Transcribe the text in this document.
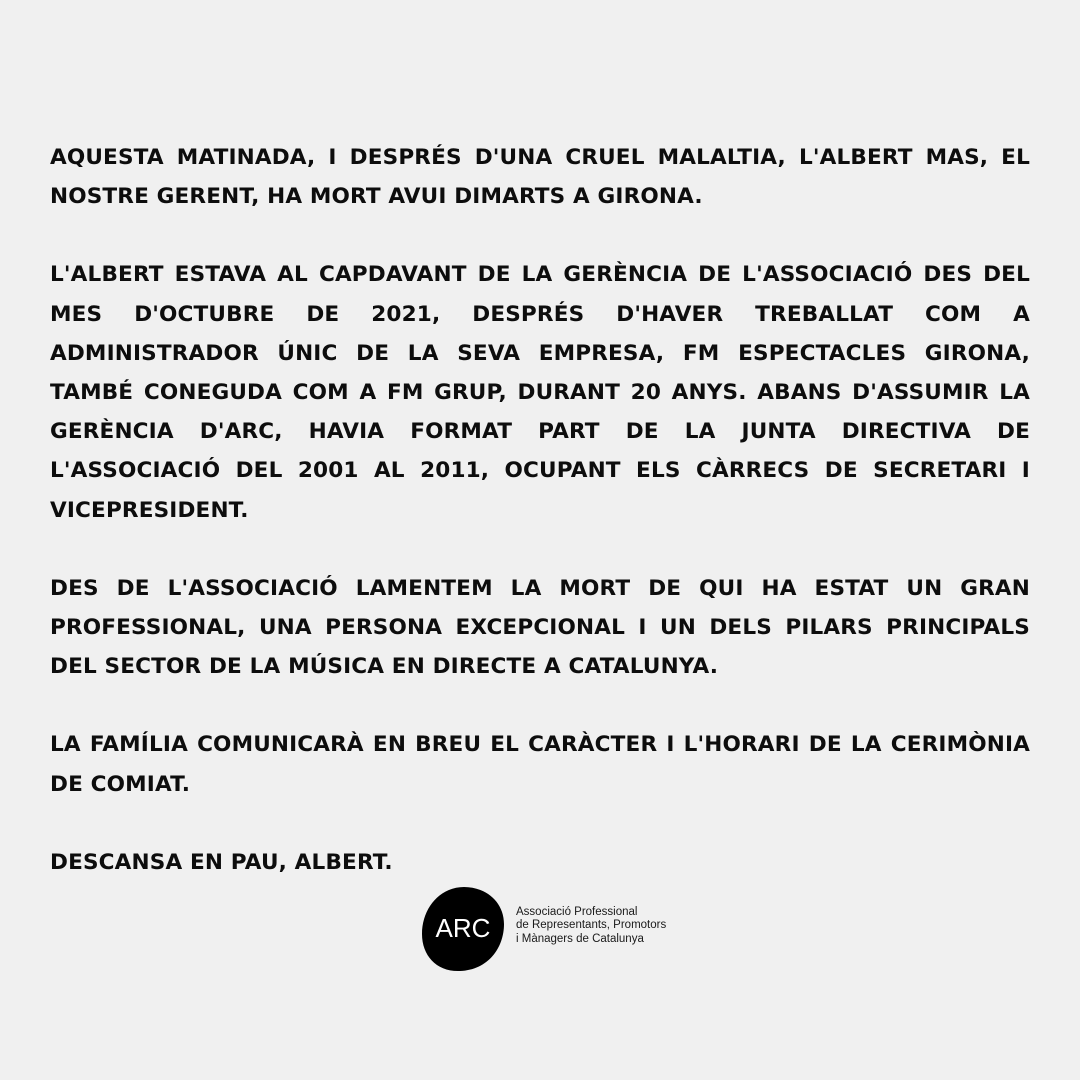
AQUESTA MATINADA, I DESPRÉS D'UNA CRUEL MALALTIA, L'ALBERT MAS, EL NOSTRE GERENT, HA MORT AVUI DIMARTS A GIRONA.

L'ALBERT ESTAVA AL CAPDAVANT DE LA GERÈNCIA DE L'ASSOCIACIÓ DES DEL MES D'OCTUBRE DE 2021, DESPRÉS D'HAVER TREBALLAT COM A ADMINISTRADOR ÚNIC DE LA SEVA EMPRESA, FM ESPECTACLES GIRONA, TAMBÉ CONEGUDA COM A FM GRUP, DURANT 20 ANYS. ABANS D'ASSUMIR LA GERÈNCIA D'ARC, HAVIA FORMAT PART DE LA JUNTA DIRECTIVA DE L'ASSOCIACIÓ DEL 2001 AL 2011, OCUPANT ELS CÀRRECS DE SECRETARI I VICEPRESIDENT.

DES DE L'ASSOCIACIÓ LAMENTEM LA MORT DE QUI HA ESTAT UN GRAN PROFESSIONAL, UNA PERSONA EXCEPCIONAL I UN DELS PILARS PRINCIPALS DEL SECTOR DE LA MÚSICA EN DIRECTE A CATALUNYA.

LA FAMÍLIA COMUNICARÀ EN BREU EL CARÀCTER I L'HORARI DE LA CERIMÒNIA DE COMIAT.

DESCANSA EN PAU, ALBERT.

ARC
Associació Professional
de Representants, Promotors
i Mànagers de Catalunya
